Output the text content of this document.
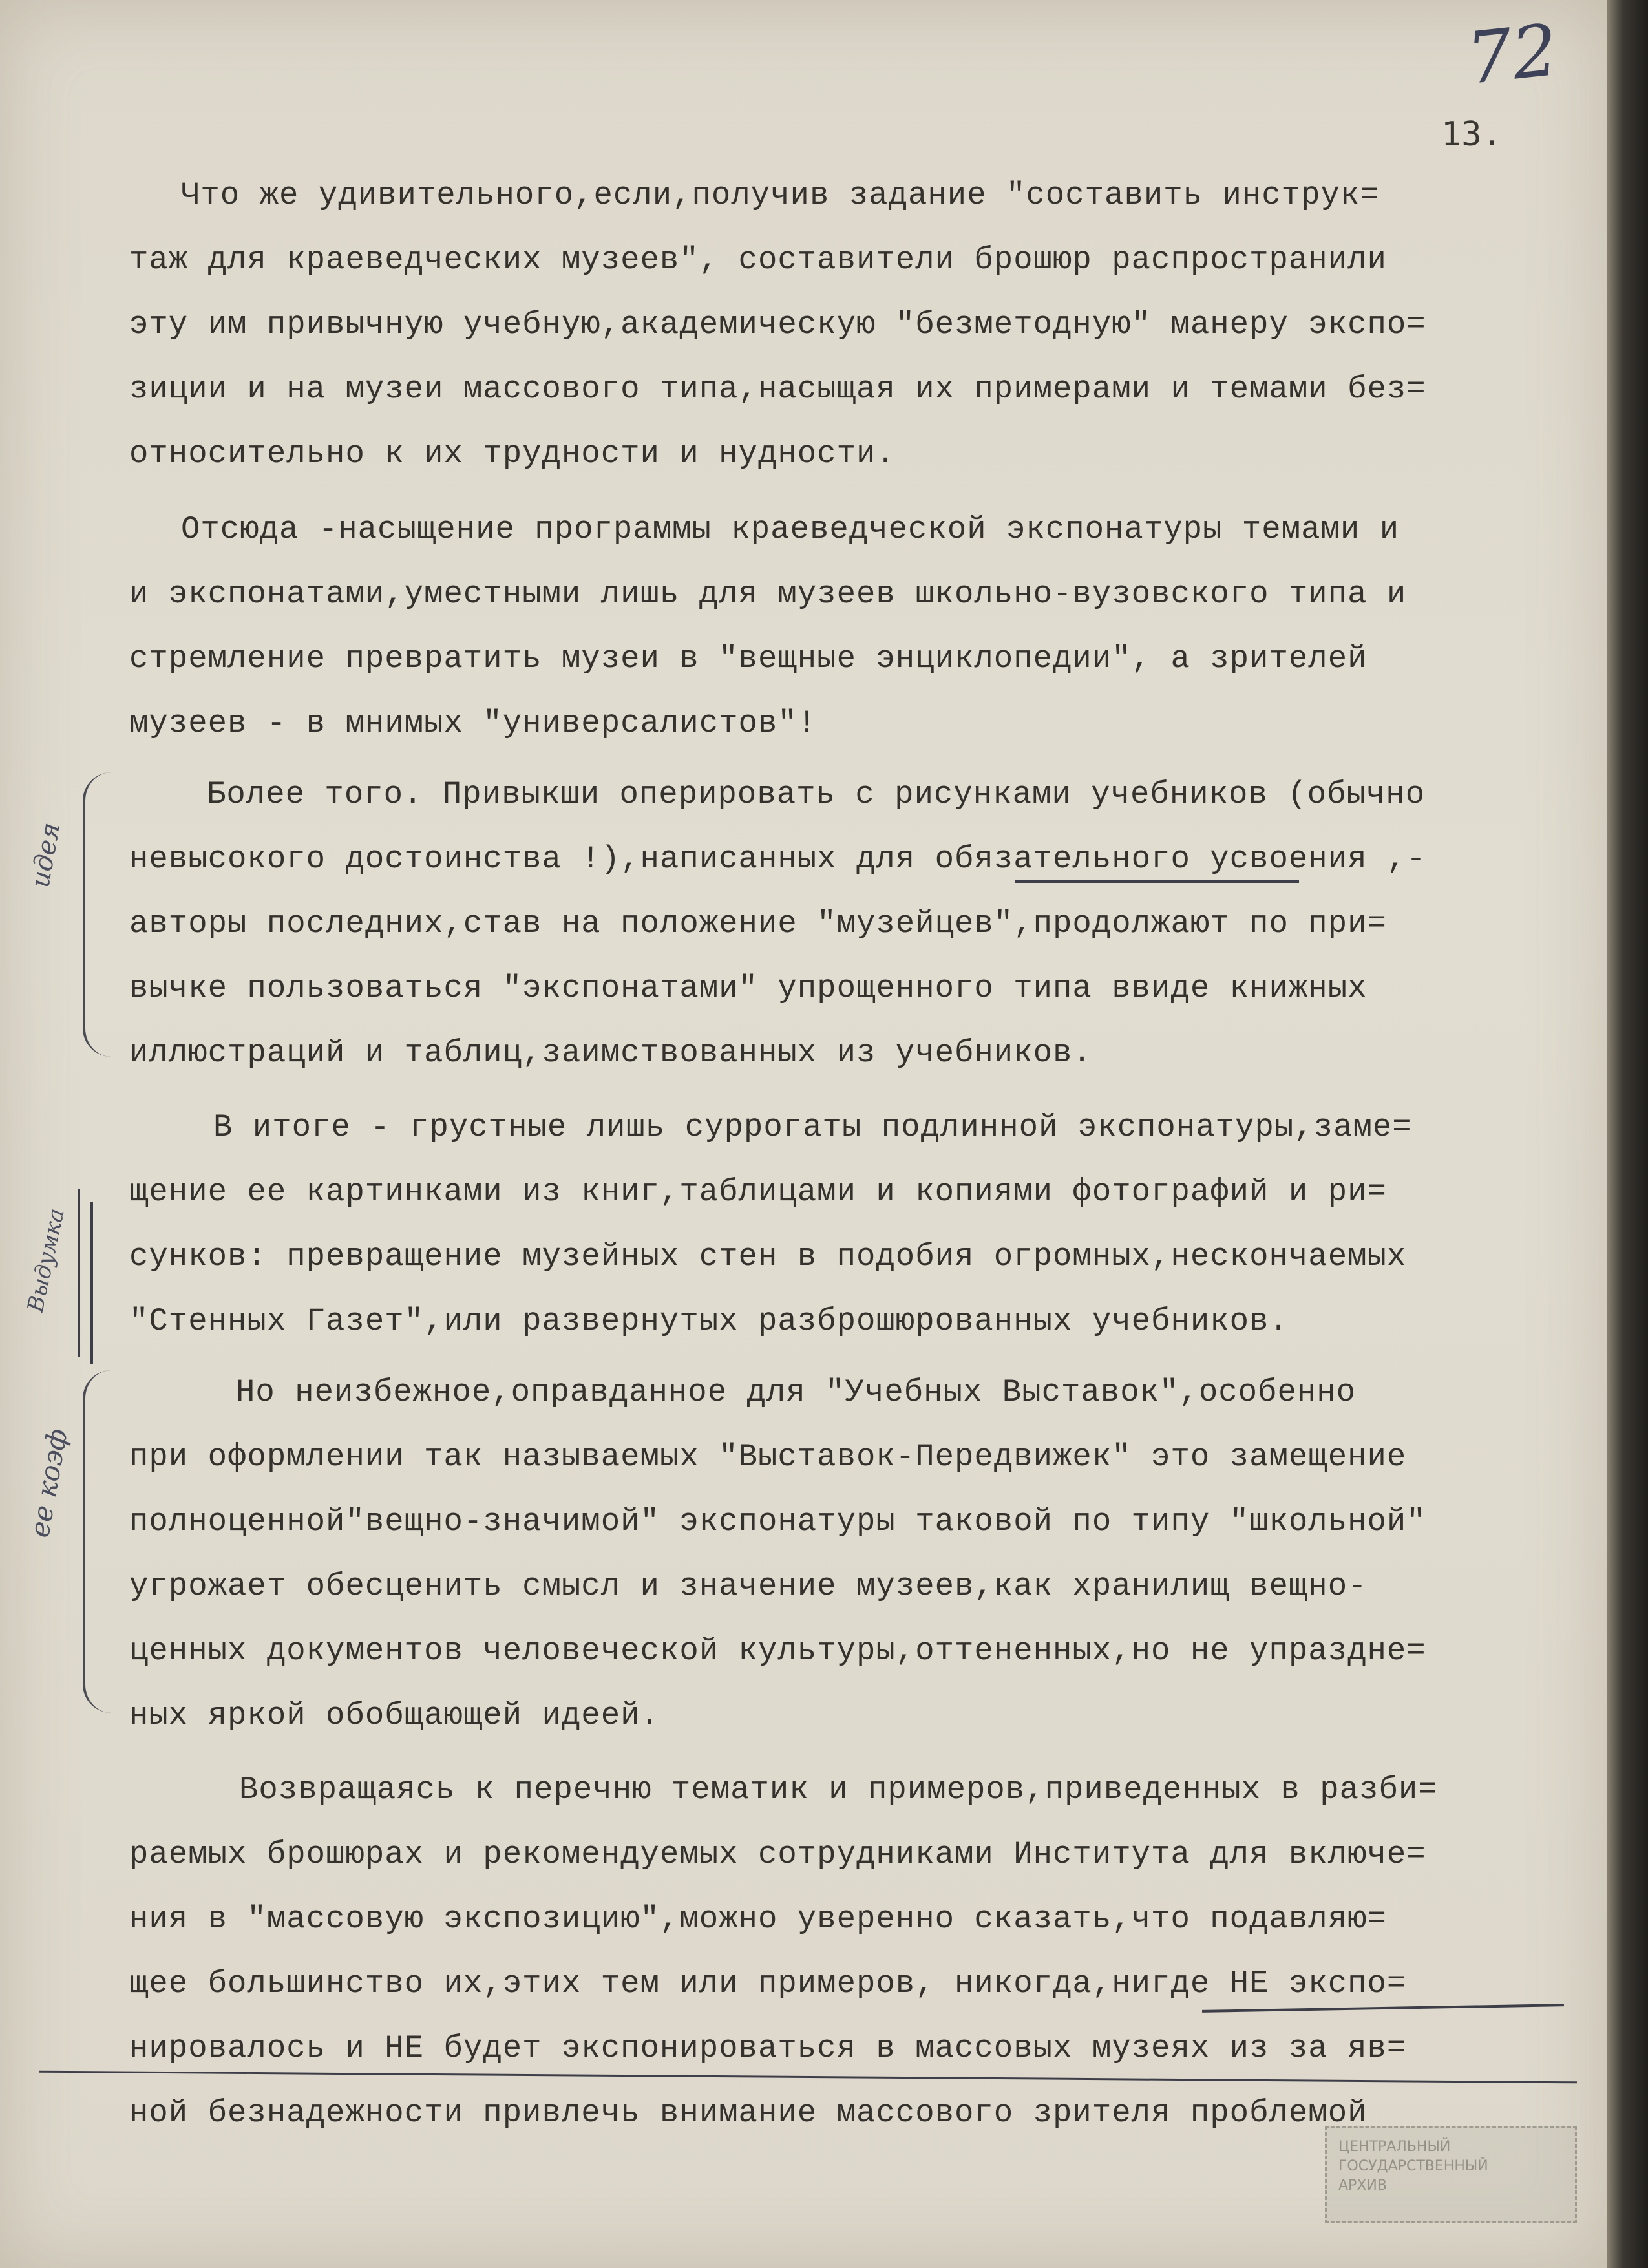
72
13.
Что же удивительного,если,получив задание "составить инструк=
таж для краеведческих музеев", составители брошюр распространили
эту им привычную учебную,академическую "безметодную" манеру экспо=
зиции и на музеи массового типа,насыщая их примерами и темами без=
относительно к их трудности и нудности.
Отсюда -насыщение программы краеведческой экспонатуры темами и
и экспонатами,уместными лишь для музеев школьно-вузовского типа и
стремление превратить музеи в "вещные энциклопедии", а зрителей
музеев - в мнимых "универсалистов"!
Более того. Привыкши оперировать с рисунками учебников (обычно
невысокого достоинства !),написанных для обязательного усвоения ,-
авторы последних,став на положение "музейцев",продолжают по при=
вычке пользоваться "экспонатами" упрощенного типа ввиде книжных
иллюстраций и таблиц,заимствованных из учебников.
В итоге - грустные лишь суррогаты подлинной экспонатуры,заме=
щение ее картинками из книг,таблицами и копиями фотографий и ри=
сунков: превращение музейных стен в подобия огромных,нескончаемых
"Стенных Газет",или развернутых разброшюрованных учебников.
Но неизбежное,оправданное для "Учебных Выставок",особенно
при оформлении так называемых "Выставок-Передвижек" это замещение
полноценной"вещно-значимой" экспонатуры таковой по типу "школьной"
угрожает обесценить смысл и значение музеев,как хранилищ вещно-
ценных документов человеческой культуры,оттененных,но не упраздне=
ных яркой обобщающей идеей.
Возвращаясь к перечню тематик и примеров,приведенных в разби=
раемых брошюрах и рекомендуемых сотрудниками Института для включе=
ния в "массовую экспозицию",можно уверенно сказать,что подавляю=
щее большинство их,этих тем или примеров, никогда,нигде НЕ экспо=
нировалось и НЕ будет экспонироваться в массовых музеях из за яв=
ной безнадежности привлечь внимание массового зрителя проблемой
идея
Выдумка
ее коэф
ЦЕНТРАЛЬНЫЙ
ГОСУДАРСТВЕННЫЙ
АРХИВ
